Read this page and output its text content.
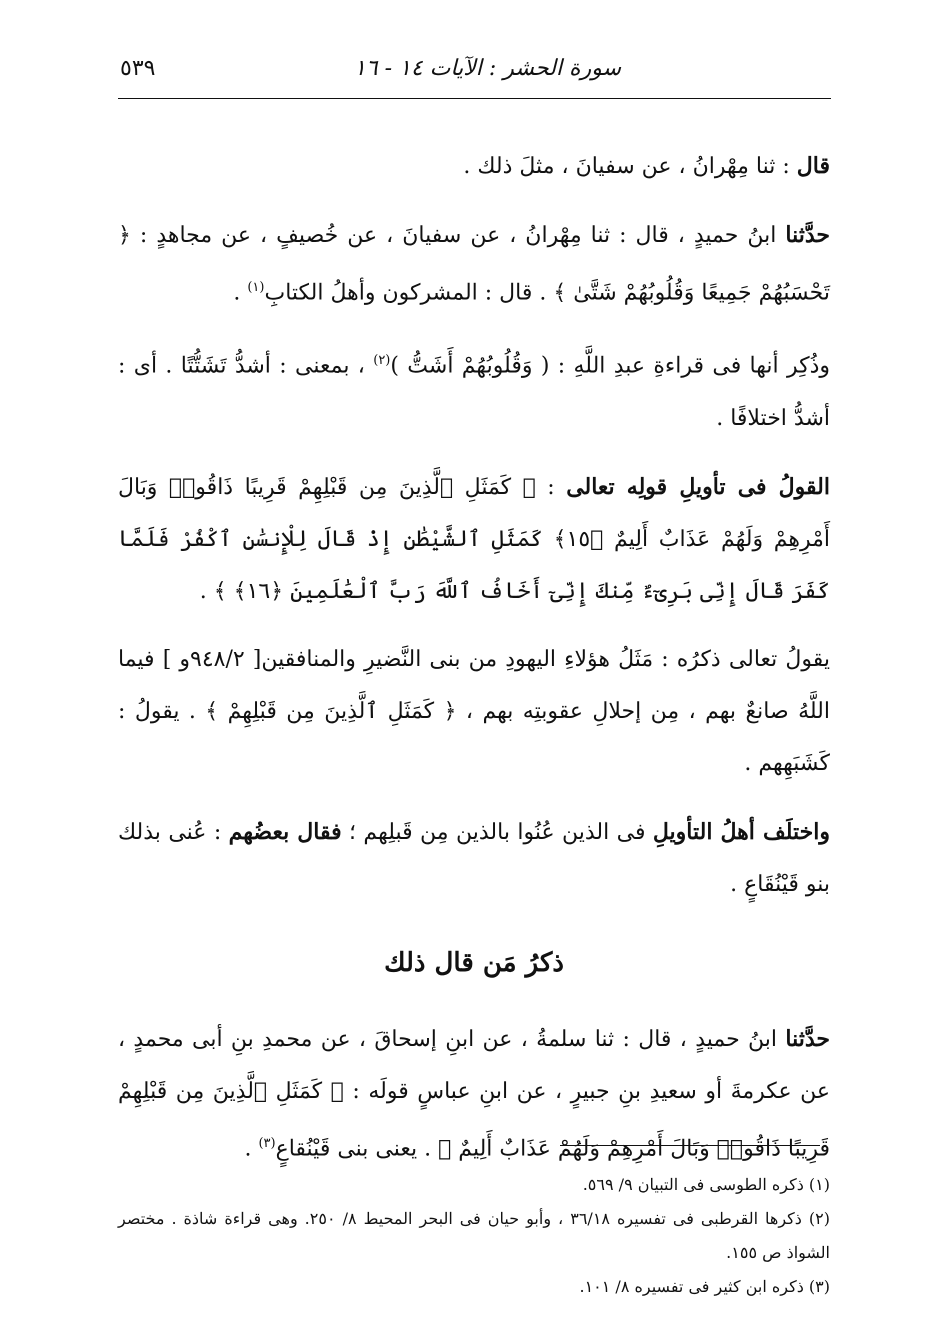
سورة الحشر : الآيات ١٤ - ١٦
٥٣٩

قال : ثنا مِهْرانُ ، عن سفيانَ ، مثلَ ذلك .

حدَّثنا ابنُ حميدٍ ، قال : ثنا مِهْرانُ ، عن سفيانَ ، عن خُصيفٍ ، عن مجاهدٍ : ﴿ تَحْسَبُهُمْ جَمِيعًا وَقُلُوبُهُمْ شَتَّىٰ ﴾ . قال : المشركون وأهلُ الكتابِ$^{(١)}$ .

وذُكِر أنها فى قراءةِ عبدِ اللَّهِ : ( وَقُلُوبُهُمْ أَشَتُّ )$^{(٢)}$ ، بمعنى : أشدُّ تَشَتُّتًا . أى : أشدُّ اختلافًا .

القولُ فى تأويلِ قولِه تعالى : ﴿ كَمَثَلِ ٱلَّذِينَ مِن قَبْلِهِمْ قَرِيبًا ذَاقُوا۟ وَبَالَ أَمْرِهِمْ وَلَهُمْ عَذَابٌ أَلِيمٌ ﴿١٥﴾ كَمَثَلِ ٱلشَّيْطَٰنِ إِذْ قَالَ لِلْإِنسَٰنِ ٱكْفُرْ فَلَمَّا كَفَرَ قَالَ إِنِّى بَرِىٓءٌ مِّنكَ إِنِّىٓ أَخَافُ ٱللَّهَ رَبَّ ٱلْعَٰلَمِينَ ﴿١٦﴾ ﴾ .

يقولُ تعالى ذكرُه : مَثَلُ هؤلاءِ اليهودِ من بنى النَّضيرِ والمنافقين[ ٩٤٨/٢و ] فيما اللَّهُ صانعٌ بهم ، مِن إحلالِ عقوبتِه بهم ، ﴿ كَمَثَلِ ٱلَّذِينَ مِن قَبْلِهِمْ ﴾ . يقولُ : كَشَبَهِهم .

واختلَف أهلُ التأويلِ فى الذين عُنُوا بالذين مِن قَبلِهم ؛ فقال بعضُهم : عُنى بذلك بنو قَيْنُقَاعٍ .

ذكرُ مَن قال ذلك

حدَّثنا ابنُ حميدٍ ، قال : ثنا سلمةُ ، عن ابنِ إسحاقَ ، عن محمدِ بنِ أبى محمدٍ ، عن عكرمةَ أو سعيدِ بنِ جبيرٍ ، عن ابنِ عباسٍ قولَه : ﴿ كَمَثَلِ ٱلَّذِينَ مِن قَبْلِهِمْ قَرِيبًا ذَاقُوا۟ وَبَالَ أَمْرِهِمْ وَلَهُمْ عَذَابٌ أَلِيمٌ ﴾ . يعنى بنى قَيْنُقاعٍ$^{(٣)}$ .

(١) ذكره الطوسى فى التبيان ٩/ ٥٦٩.

(٢) ذكرها القرطبى فى تفسيره ٣٦/١٨ ، وأبو حيان فى البحر المحيط ٨/ ٢٥٠. وهى قراءة شاذة . مختصر الشواذ ص ١٥٥.

(٣) ذكره ابن كثير فى تفسيره ٨/ ١٠١.
